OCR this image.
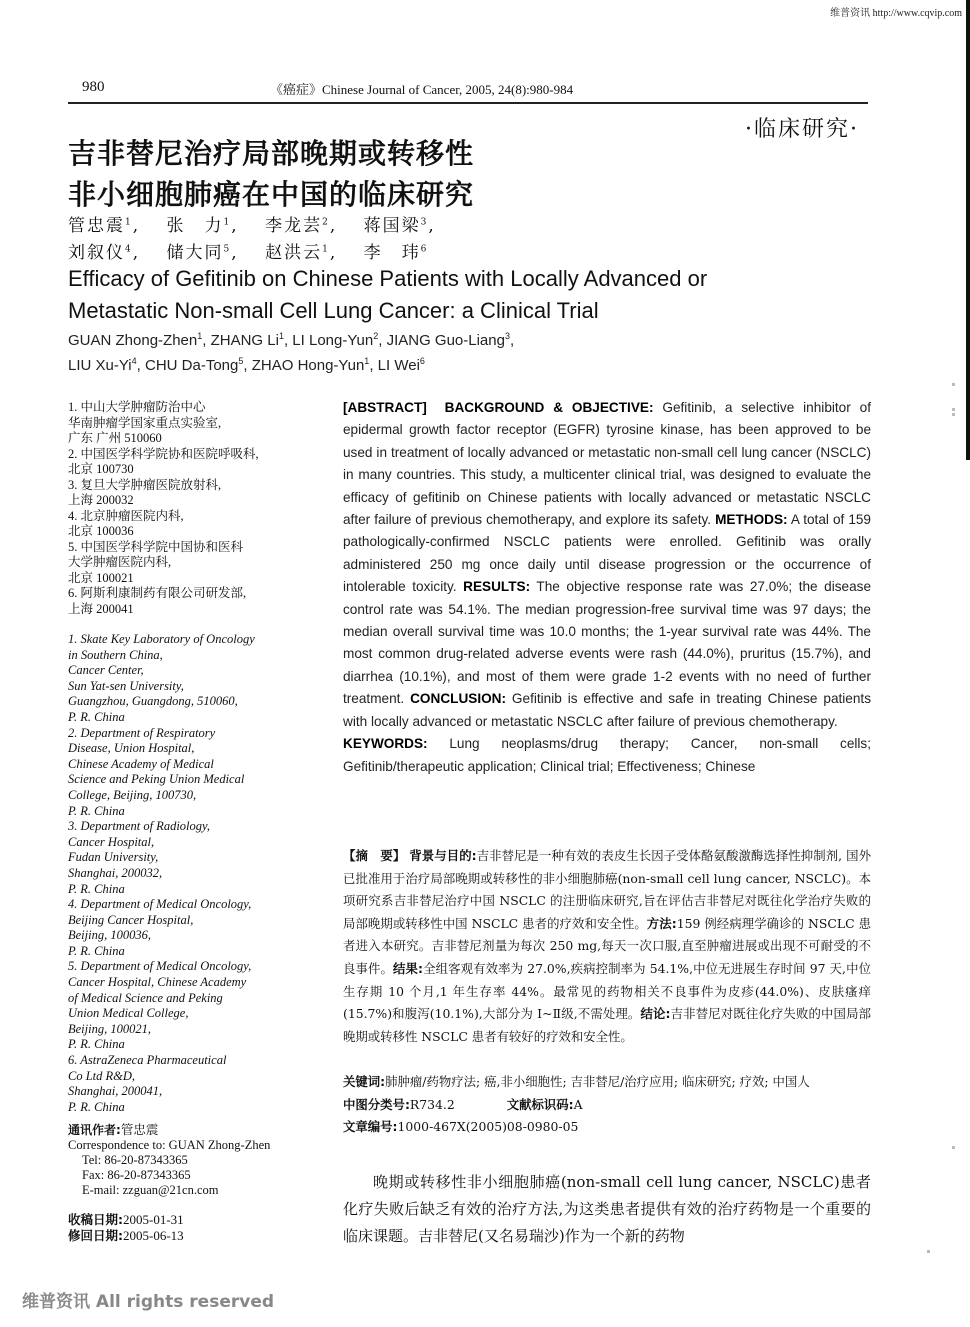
维普资讯 http://www.cqvip.com
980	《癌症》Chinese Journal of Cancer, 2005, 24(8):980-984
·临床研究·
吉非替尼治疗局部晚期或转移性
非小细胞肺癌在中国的临床研究
管忠震$^1$,　 张　力$^1$,　 李龙芸$^2$,　 蒋国梁$^3$,
刘叙仪$^4$,　 储大同$^5$,　 赵洪云$^1$,　 李　玮$^6$
Efficacy of Gefitinib on Chinese Patients with Locally Advanced or
Metastatic Non-small Cell Lung Cancer: a Clinical Trial
GUAN Zhong-Zhen$^1$, ZHANG Li$^1$, LI Long-Yun$^2$, JIANG Guo-Liang$^3$,
LIU Xu-Yi$^4$, CHU Da-Tong$^5$, ZHAO Hong-Yun$^1$, LI Wei$^6$
1. 中山大学肿瘤防治中心
华南肿瘤学国家重点实验室,
广东 广州 510060
2. 中国医学科学院协和医院呼吸科,
北京 100730
3. 复旦大学肿瘤医院放射科,
上海 200032
4. 北京肿瘤医院内科,
北京 100036
5. 中国医学科学院中国协和医科
大学肿瘤医院内科,
北京 100021
6. 阿斯利康制药有限公司研发部,
上海 200041
1. Skate Key Laboratory of Oncology
in Southern China,
Cancer Center,
Sun Yat-sen University,
Guangzhou, Guangdong, 510060,
P. R. China
2. Department of Respiratory
Disease, Union Hospital,
Chinese Academy of Medical
Science and Peking Union Medical
College, Beijing, 100730,
P. R. China
3. Department of Radiology,
Cancer Hospital,
Fudan University,
Shanghai, 200032,
P. R. China
4. Department of Medical Oncology,
Beijing Cancer Hospital,
Beijing, 100036,
P. R. China
5. Department of Medical Oncology,
Cancer Hospital, Chinese Academy
of Medical Science and Peking
Union Medical College,
Beijing, 100021,
P. R. China
6. AstraZeneca Pharmaceutical
Co Ltd R&D,
Shanghai, 200041,
P. R. China
通讯作者:管忠震
Correspondence to: GUAN Zhong-Zhen
Tel: 86-20-87343365
Fax: 86-20-87343365
E-mail: zzguan@21cn.com
收稿日期:2005-01-31
修回日期:2005-06-13
[ABSTRACT] BACKGROUND & OBJECTIVE: Gefitinib, a selective inhibitor of epidermal growth factor receptor (EGFR) tyrosine kinase, has been approved to be used in treatment of locally advanced or metastatic non-small cell lung cancer (NSCLC) in many countries. This study, a multicenter clinical trial, was designed to evaluate the efficacy of gefitinib on Chinese patients with locally advanced or metastatic NSCLC after failure of previous chemotherapy, and explore its safety. METHODS: A total of 159 pathologically-confirmed NSCLC patients were enrolled. Gefitinib was orally administered 250 mg once daily until disease progression or the occurrence of intolerable toxicity. RESULTS: The objective response rate was 27.0%; the disease control rate was 54.1%. The median progression-free survival time was 97 days; the median overall survival time was 10.0 months; the 1-year survival rate was 44%. The most common drug-related adverse events were rash (44.0%), pruritus (15.7%), and diarrhea (10.1%), and most of them were grade 1-2 events with no need of further treatment. CONCLUSION: Gefitinib is effective and safe in treating Chinese patients with locally advanced or metastatic NSCLC after failure of previous chemotherapy.
KEYWORDS: Lung neoplasms/drug therapy; Cancer, non-small cells; Gefitinib/therapeutic application; Clinical trial; Effectiveness; Chinese
【摘　要】 背景与目的:吉非替尼是一种有效的表皮生长因子受体酪氨酸激酶选择性抑制剂, 国外已批准用于治疗局部晚期或转移性的非小细胞肺癌(non-small cell lung cancer, NSCLC)。本项研究系吉非替尼治疗中国 NSCLC 的注册临床研究,旨在评估吉非替尼对既往化学治疗失败的局部晚期或转移性中国 NSCLC 患者的疗效和安全性。方法:159 例经病理学确诊的 NSCLC 患者进入本研究。吉非替尼剂量为每次 250 mg,每天一次口服,直至肿瘤进展或出现不可耐受的不良事件。结果:全组客观有效率为 27.0%,疾病控制率为 54.1%,中位无进展生存时间 97 天,中位生存期 10 个月,1 年生存率 44%。最常见的药物相关不良事件为皮疹(44.0%)、皮肤瘙痒(15.7%)和腹泻(10.1%),大部分为 Ⅰ~Ⅱ级,不需处理。结论:吉非替尼对既往化疗失败的中国局部晚期或转移性 NSCLC 患者有较好的疗效和安全性。
关键词:肺肿瘤/药物疗法; 癌,非小细胞性; 吉非替尼/治疗应用; 临床研究; 疗效; 中国人
中图分类号:R734.2	文献标识码:A
文章编号:1000-467X(2005)08-0980-05

晚期或转移性非小细胞肺癌(non-small cell lung cancer, NSCLC)患者化疗失败后缺乏有效的治疗方法,为这类患者提供有效的治疗药物是一个重要的临床课题。吉非替尼(又名易瑞沙)作为一个新的药物

维普资讯 All rights reserved
